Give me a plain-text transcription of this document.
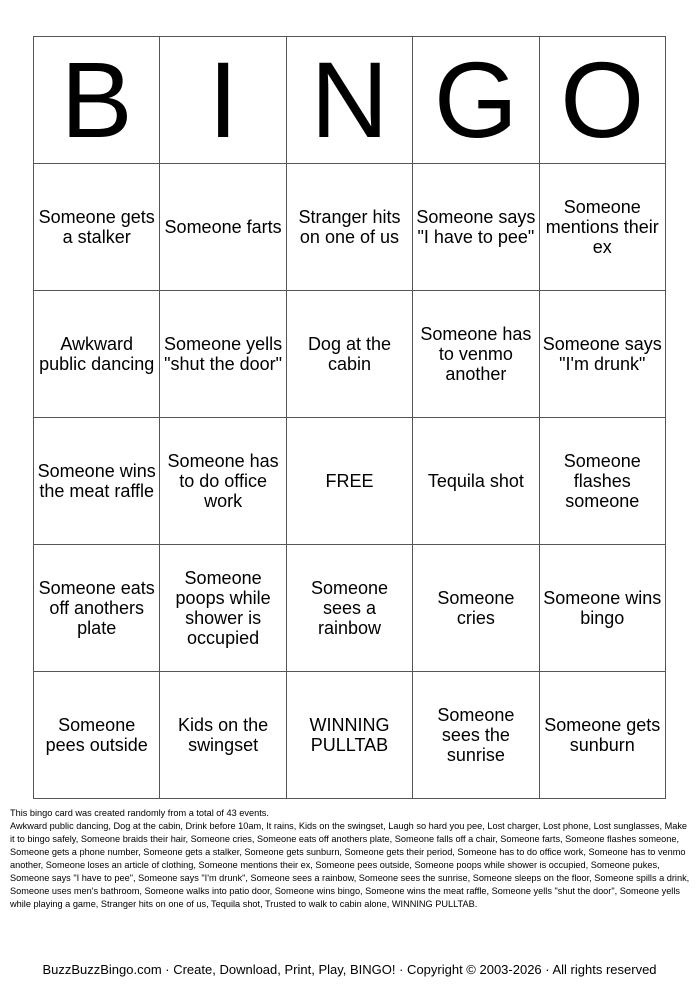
B	I	N	G	O
Someone gets a stalker	Someone farts	Stranger hits on one of us	Someone says "I have to pee"	Someone mentions their ex
Awkward public dancing	Someone yells "shut the door"	Dog at the cabin	Someone has to venmo another	Someone says "I'm drunk"
Someone wins the meat raffle	Someone has to do office work	FREE	Tequila shot	Someone flashes someone
Someone eats off anothers plate	Someone poops while shower is occupied	Someone sees a rainbow	Someone cries	Someone wins bingo
Someone pees outside	Kids on the swingset	WINNING PULLTAB	Someone sees the sunrise	Someone gets sunburn

This bingo card was created randomly from a total of 43 events.

Awkward public dancing, Dog at the cabin, Drink before 10am, It rains, Kids on the swingset, Laugh so hard you pee, Lost charger, Lost phone, Lost sunglasses, Make it to bingo safely, Someone braids their hair, Someone cries, Someone eats off anothers plate, Someone falls off a chair, Someone farts, Someone flashes someone, Someone gets a phone number, Someone gets a stalker, Someone gets sunburn, Someone gets their period, Someone has to do office work, Someone has to venmo another, Someone loses an article of clothing, Someone mentions their ex, Someone pees outside, Someone poops while shower is occupied, Someone pukes, Someone says "I have to pee", Someone says "I'm drunk", Someone sees a rainbow, Someone sees the sunrise, Someone sleeps on the floor, Someone spills a drink, Someone uses men's bathroom, Someone walks into patio door, Someone wins bingo, Someone wins the meat raffle, Someone yells "shut the door", Someone yells while playing a game, Stranger hits on one of us, Tequila shot, Trusted to walk to cabin alone, WINNING PULLTAB.

BuzzBuzzBingo.com · Create, Download, Print, Play, BINGO! · Copyright © 2003-2026 · All rights reserved
